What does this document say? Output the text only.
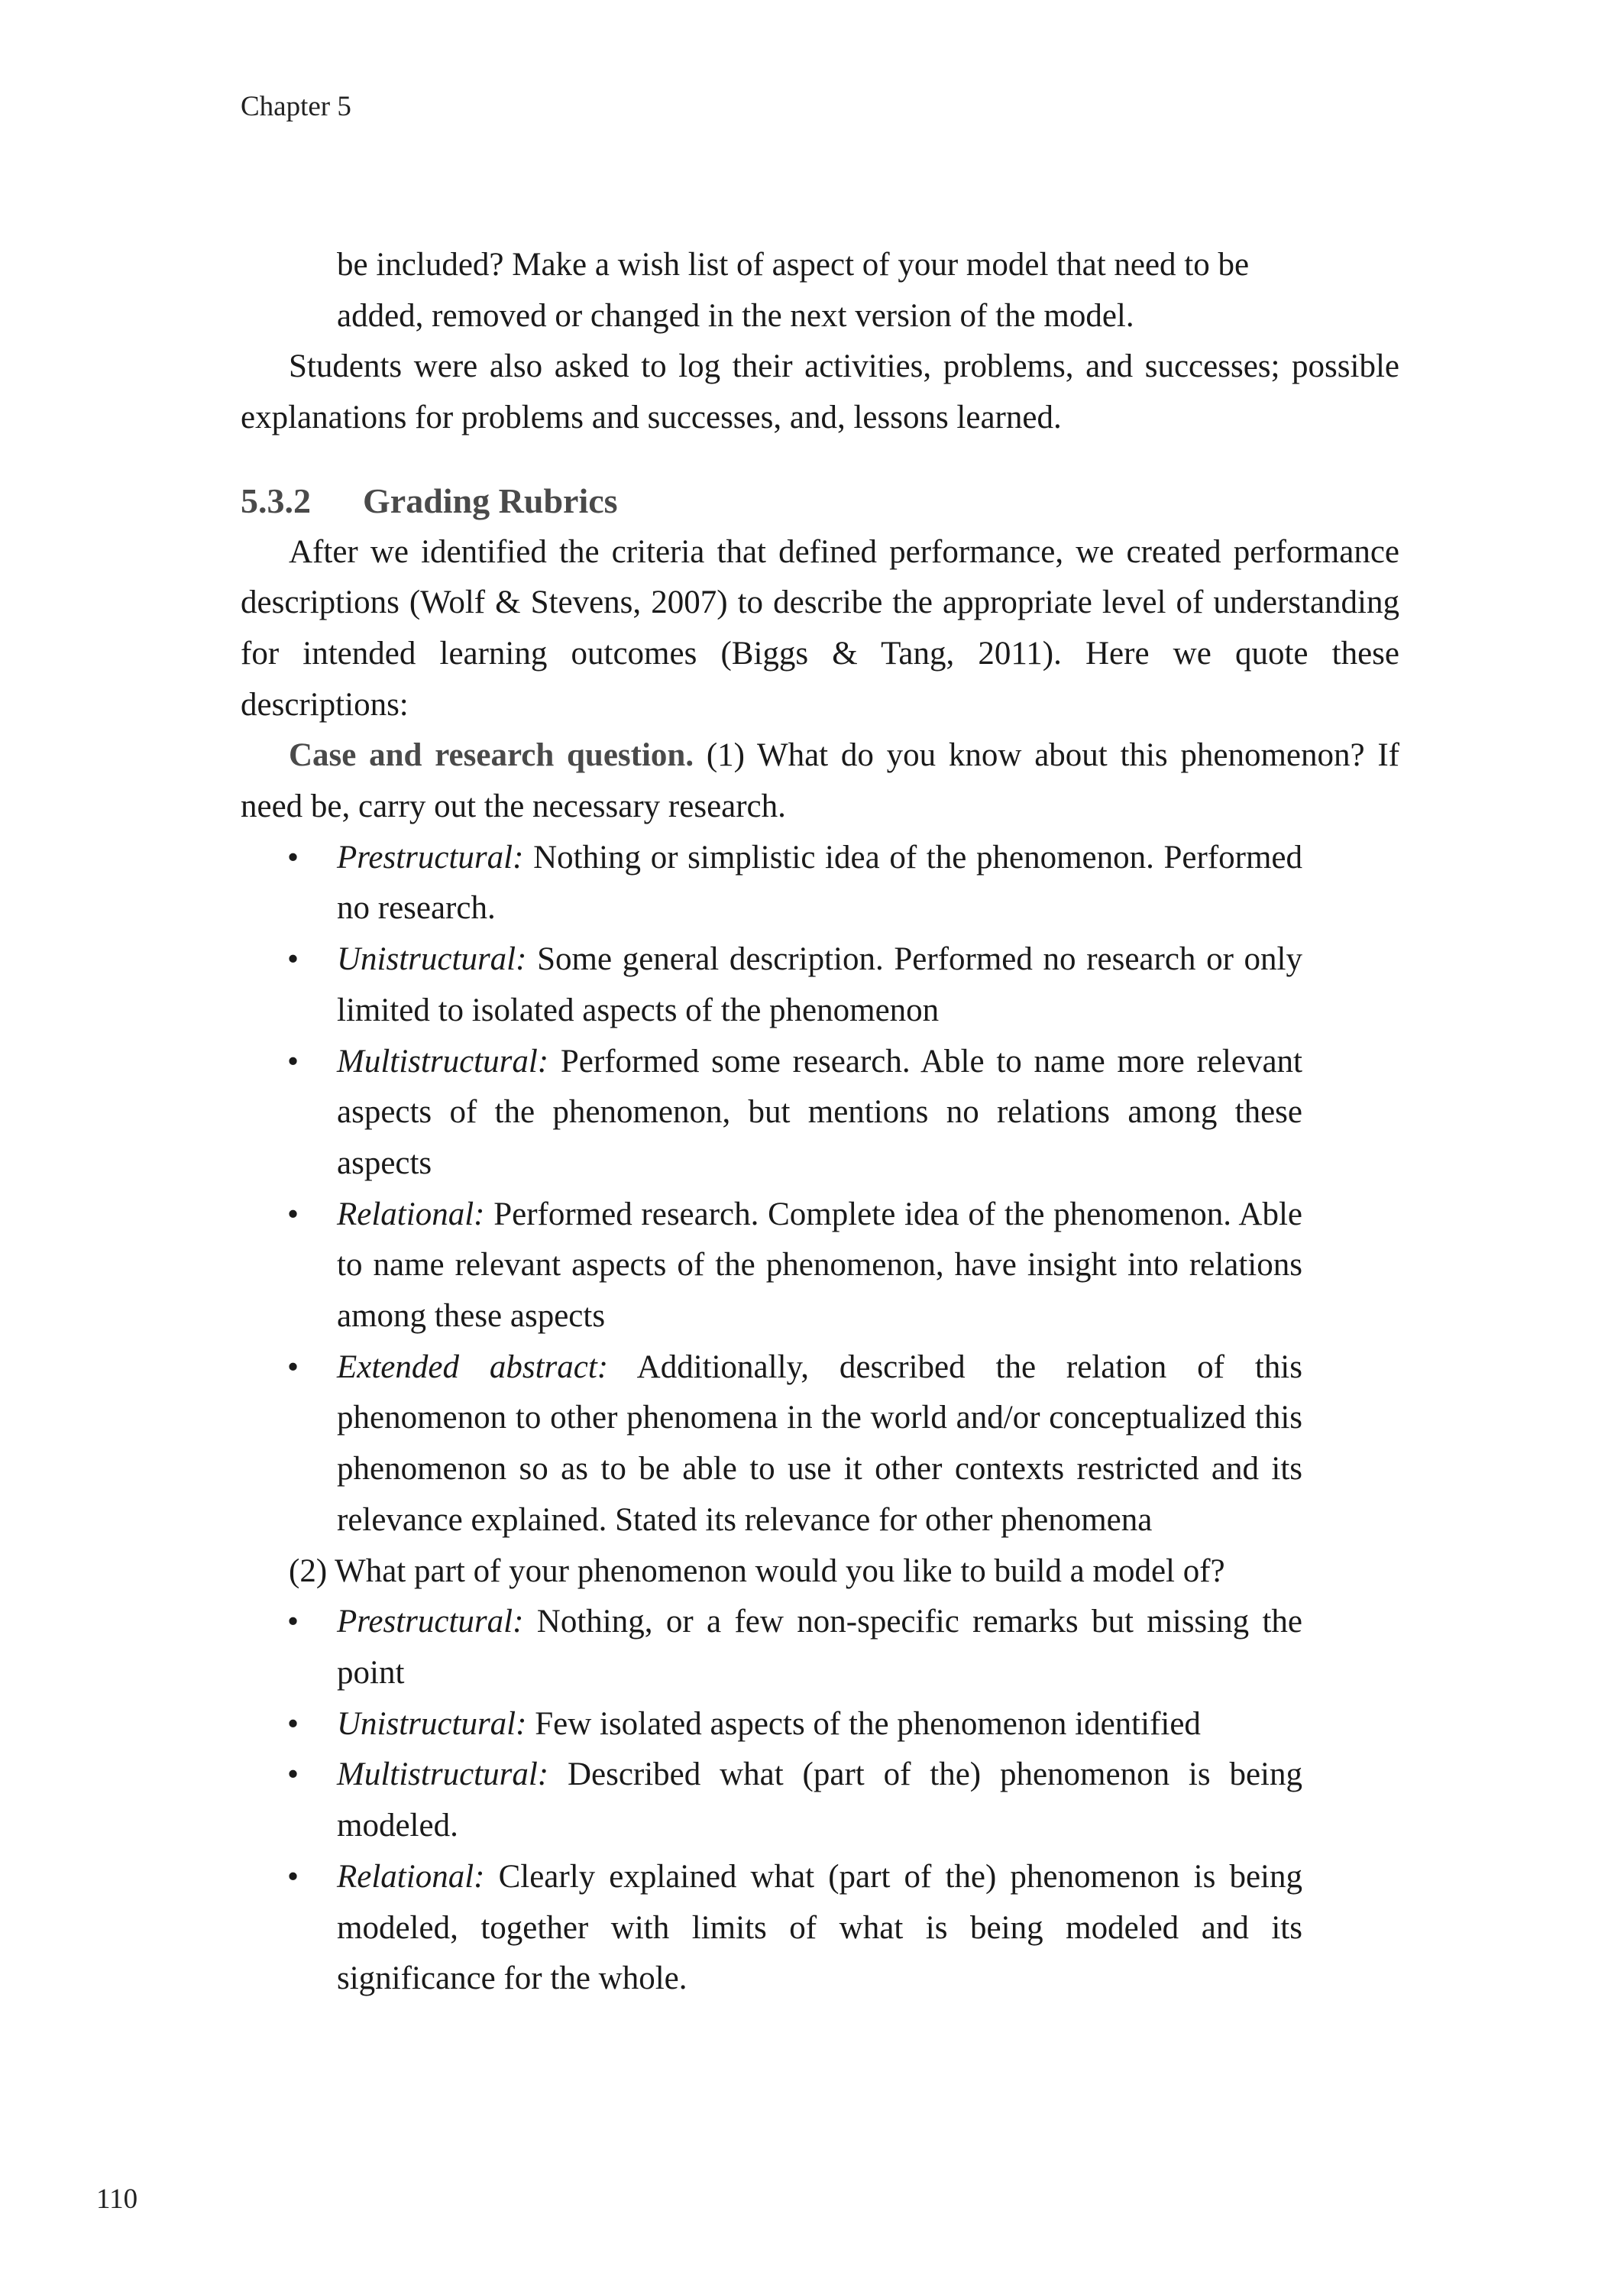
Chapter 5

be included? Make a wish list of aspect of your model that need to be

added, removed or changed in the next version of the model.

Students were also asked to log their activities, problems, and successes; possible explanations for problems and successes, and, lessons learned.

5.3.2 Grading Rubrics

After we identified the criteria that defined performance, we created performance descriptions (Wolf & Stevens, 2007) to describe the appropriate level of understanding for intended learning outcomes (Biggs & Tang, 2011). Here we quote these descriptions:

Case and research question. (1) What do you know about this phenomenon? If need be, carry out the necessary research.

• Prestructural: Nothing or simplistic idea of the phenomenon. Performed no research.
• Unistructural: Some general description. Performed no research or only limited to isolated aspects of the phenomenon
• Multistructural: Performed some research. Able to name more relevant aspects of the phenomenon, but mentions no relations among these aspects
• Relational: Performed research. Complete idea of the phenomenon. Able to name relevant aspects of the phenomenon, have insight into relations among these aspects
• Extended abstract: Additionally, described the relation of this phenomenon to other phenomena in the world and/or conceptualized this phenomenon so as to be able to use it other contexts restricted and its relevance explained. Stated its relevance for other phenomena

(2) What part of your phenomenon would you like to build a model of?

• Prestructural: Nothing, or a few non-specific remarks but missing the point
• Unistructural: Few isolated aspects of the phenomenon identified
• Multistructural: Described what (part of the) phenomenon is being modeled.
• Relational: Clearly explained what (part of the) phenomenon is being modeled, together with limits of what is being modeled and its significance for the whole.
110
